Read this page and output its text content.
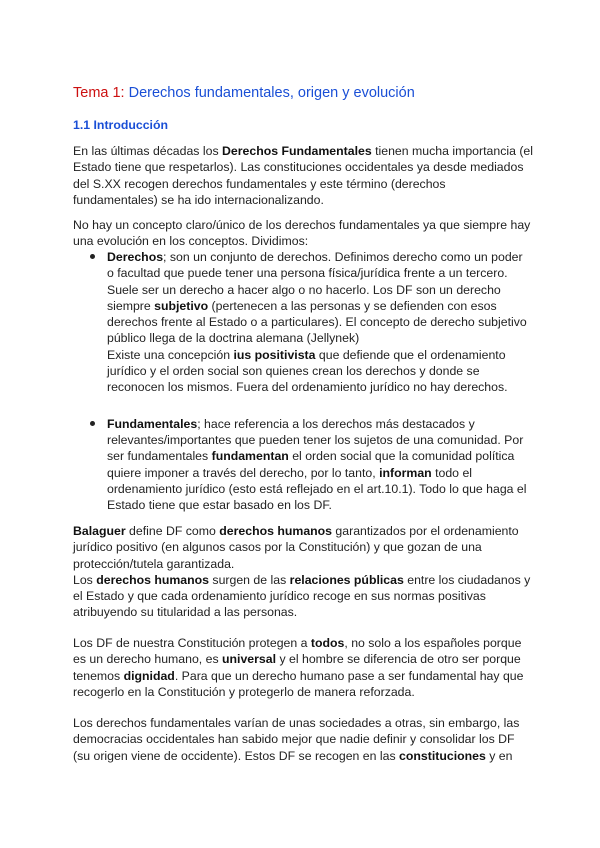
Tema 1: Derechos fundamentales, origen y evolución
1.1 Introducción

En las últimas décadas los Derechos Fundamentales tienen mucha importancia (el Estado tiene que respetarlos). Las constituciones occidentales ya desde mediados del S.XX recogen derechos fundamentales y este término (derechos fundamentales) se ha ido internacionalizando.

No hay un concepto claro/único de los derechos fundamentales ya que siempre hay una evolución en los conceptos. Dividimos:

Derechos; son un conjunto de derechos. Definimos derecho como un poder o facultad que puede tener una persona física/jurídica frente a un tercero. Suele ser un derecho a hacer algo o no hacerlo. Los DF son un derecho siempre subjetivo (pertenecen a las personas y se defienden con esos derechos frente al Estado o a particulares). El concepto de derecho subjetivo público llega de la doctrina alemana (Jellynek)
Existe una concepción ius positivista que defiende que el ordenamiento jurídico y el orden social son quienes crean los derechos y donde se reconocen los mismos. Fuera del ordenamiento jurídico no hay derechos.
Fundamentales; hace referencia a los derechos más destacados y relevantes/importantes que pueden tener los sujetos de una comunidad. Por ser fundamentales fundamentan el orden social que la comunidad política quiere imponer a través del derecho, por lo tanto, informan todo el ordenamiento jurídico (esto está reflejado en el art.10.1). Todo lo que haga el Estado tiene que estar basado en los DF.

Balaguer define DF como derechos humanos garantizados por el ordenamiento jurídico positivo (en algunos casos por la Constitución) y que gozan de una protección/tutela garantizada.
Los derechos humanos surgen de las relaciones públicas entre los ciudadanos y el Estado y que cada ordenamiento jurídico recoge en sus normas positivas atribuyendo su titularidad a las personas.

Los DF de nuestra Constitución protegen a todos, no solo a los españoles porque es un derecho humano, es universal y el hombre se diferencia de otro ser porque tenemos dignidad. Para que un derecho humano pase a ser fundamental hay que recogerlo en la Constitución y protegerlo de manera reforzada.

Los derechos fundamentales varían de unas sociedades a otras, sin embargo, las democracias occidentales han sabido mejor que nadie definir y consolidar los DF (su origen viene de occidente). Estos DF se recogen en las constituciones y en
